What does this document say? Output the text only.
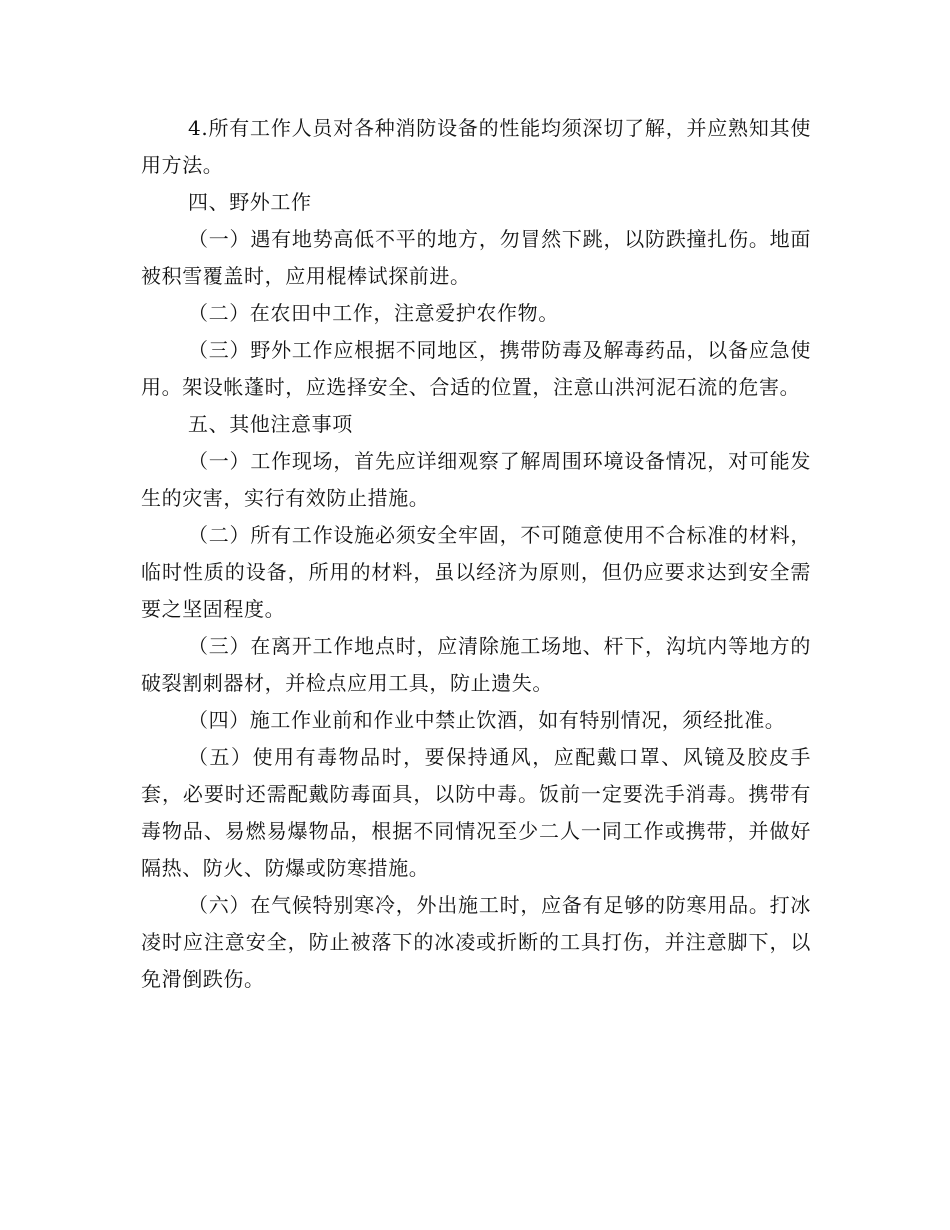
4.所有工作人员对各种消防设备的性能均须深切了解，并应熟知其使用方法。

四、野外工作

（一）遇有地势高低不平的地方，勿冒然下跳，以防跌撞扎伤。地面被积雪覆盖时，应用棍棒试探前进。

（二）在农田中工作，注意爱护农作物。

（三）野外工作应根据不同地区，携带防毒及解毒药品，以备应急使用。架设帐蓬时，应选择安全、合适的位置，注意山洪河泥石流的危害。

五、其他注意事项

（一）工作现场，首先应详细观察了解周围环境设备情况，对可能发生的灾害，实行有效防止措施。

（二）所有工作设施必须安全牢固，不可随意使用不合标准的材料，临时性质的设备，所用的材料，虽以经济为原则，但仍应要求达到安全需要之坚固程度。

（三）在离开工作地点时，应清除施工场地、杆下，沟坑内等地方的破裂割刺器材，并检点应用工具，防止遗失。

（四）施工作业前和作业中禁止饮酒，如有特别情况，须经批准。

（五）使用有毒物品时，要保持通风，应配戴口罩、风镜及胶皮手套，必要时还需配戴防毒面具，以防中毒。饭前一定要洗手消毒。携带有毒物品、易燃易爆物品，根据不同情况至少二人一同工作或携带，并做好隔热、防火、防爆或防寒措施。

（六）在气候特别寒冷，外出施工时，应备有足够的防寒用品。打冰凌时应注意安全，防止被落下的冰凌或折断的工具打伤，并注意脚下，以免滑倒跌伤。
